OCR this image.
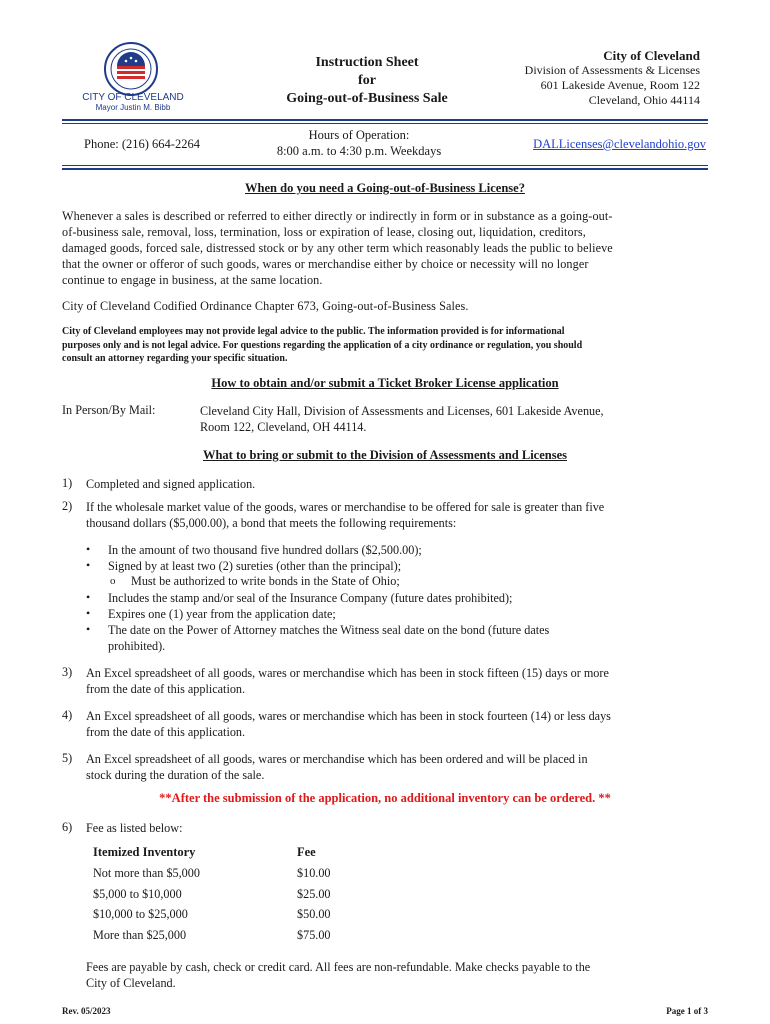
CITY OF CLEVELAND
Mayor Justin M. Bibb
Instruction Sheet
for
Going-out-of-Business Sale
City of Cleveland
Division of Assessments & Licenses
601 Lakeside Avenue, Room 122
Cleveland, Ohio 44114
Phone: (216) 664-2264
Hours of Operation:
8:00 a.m. to 4:30 p.m. Weekdays	DALLicenses@clevelandohio.gov
When do you need a Going-out-of-Business License?
Whenever a sales is described or referred to either directly or indirectly in form or in substance as a going-out-
of-business sale, removal, loss, termination, loss or expiration of lease, closing out, liquidation, creditors,
damaged goods, forced sale, distressed stock or by any other term which reasonably leads the public to believe
that the owner or offeror of such goods, wares or merchandise either by choice or necessity will no longer
continue to engage in business, at the same location.
City of Cleveland Codified Ordinance Chapter 673, Going-out-of-Business Sales.
City of Cleveland employees may not provide legal advice to the public. The information provided is for informational
purposes only and is not legal advice. For questions regarding the application of a city ordinance or regulation, you should
consult an attorney regarding your specific situation.
How to obtain and/or submit a Ticket Broker License application
In Person/By Mail:	Cleveland City Hall, Division of Assessments and Licenses, 601 Lakeside Avenue,
Room 122, Cleveland, OH 44114.
What to bring or submit to the Division of Assessments and Licenses
1) Completed and signed application.
2) If the wholesale market value of the goods, wares or merchandise to be offered for sale is greater than five
thousand dollars ($5,000.00), a bond that meets the following requirements:
• In the amount of two thousand five hundred dollars ($2,500.00);
• Signed by at least two (2) sureties (other than the principal);
o Must be authorized to write bonds in the State of Ohio;
• Includes the stamp and/or seal of the Insurance Company (future dates prohibited);
• Expires one (1) year from the application date;
• The date on the Power of Attorney matches the Witness seal date on the bond (future dates
prohibited).
3) An Excel spreadsheet of all goods, wares or merchandise which has been in stock fifteen (15) days or more
from the date of this application.
4) An Excel spreadsheet of all goods, wares or merchandise which has been in stock fourteen (14) or less days
from the date of this application.
5) An Excel spreadsheet of all goods, wares or merchandise which has been ordered and will be placed in
stock during the duration of the sale.
**After the submission of the application, no additional inventory can be ordered. **
6) Fee as listed below:
Itemized Inventory	Fee
Not more than $5,000	$10.00
$5,000 to $10,000	$25.00
$10,000 to $25,000	$50.00
More than $25,000	$75.00
Fees are payable by cash, check or credit card. All fees are non-refundable. Make checks payable to the
City of Cleveland.
Rev. 05/2023	Page 1 of 3
